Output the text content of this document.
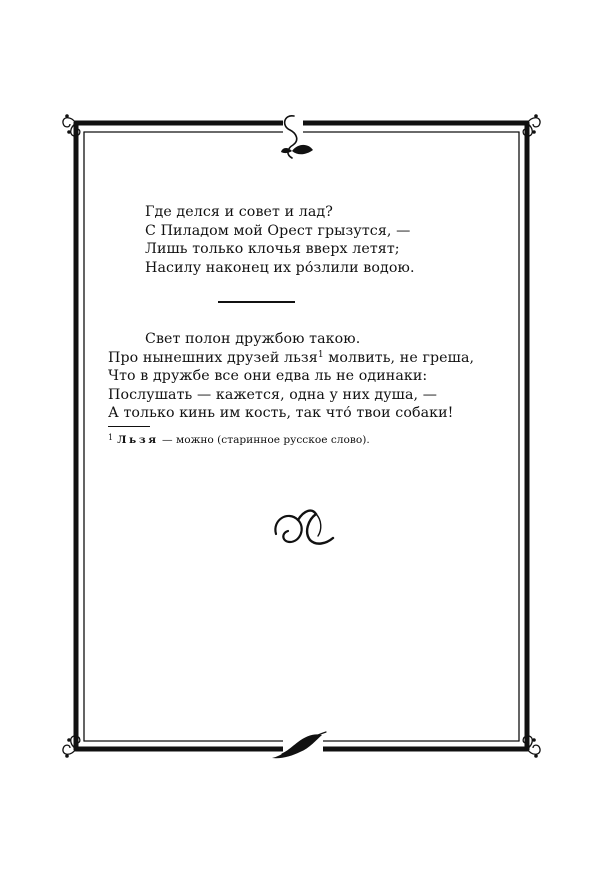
Где делся и совет и лад?
С Пиладом мой Орест грызутся, —
Лишь только клочья вверх летят;
Насилу наконец их ро́злили водою.
Свет полон дружбою такою.
Про нынешних друзей льзя$^1$ молвить, не греша,
Что в дружбе все они едва ль не одинаки:
Послушать — кажется, одна у них душа, —
А только кинь им кость, так что́ твои собаки!
$^1$ Льзя — можно (старинное русское слово).
